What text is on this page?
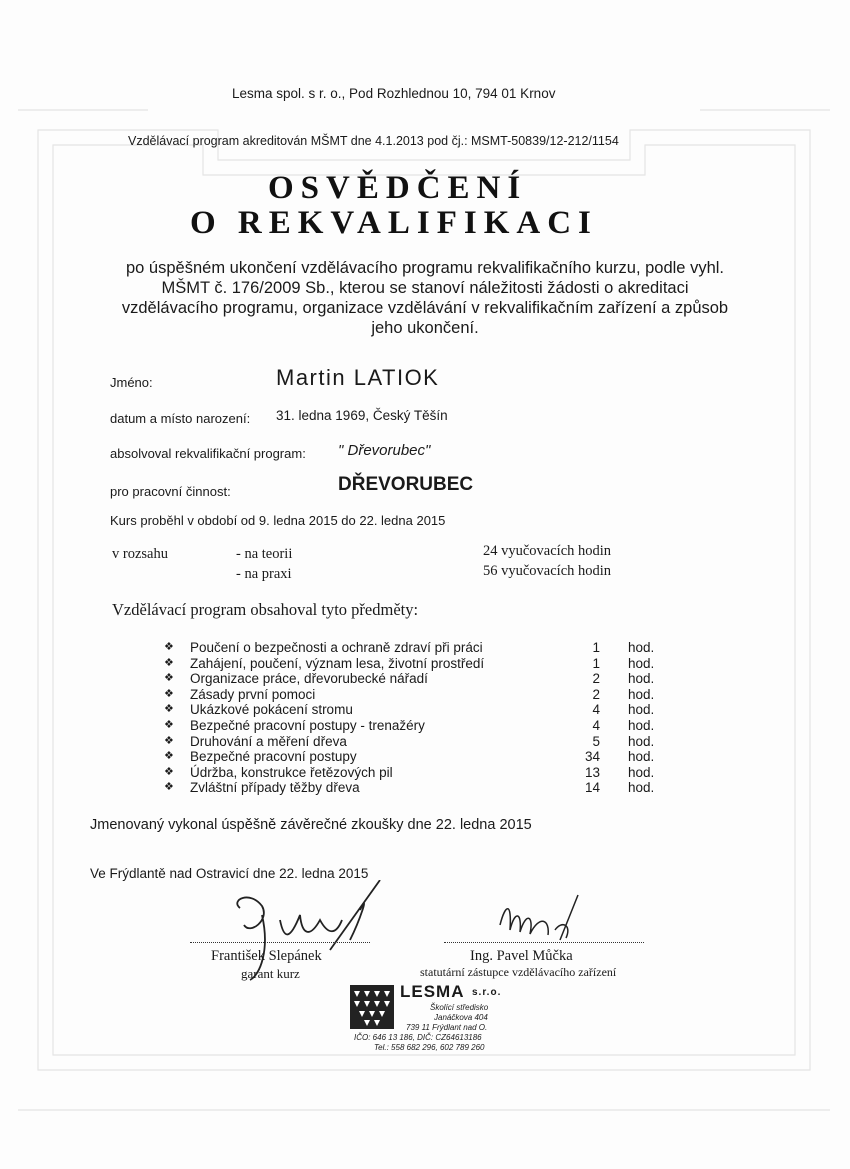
Lesma spol. s r. o., Pod Rozhlednou 10, 794 01 Krnov
Vzdělávací program akreditován MŠMT dne 4.1.2013 pod čj.: MSMT-50839/12-212/1154
OSVĚDČENÍ
O REKVALIFIKACI
po úspěšném ukončení vzdělávacího programu rekvalifikačního kurzu, podle vyhl.
MŠMT č. 176/2009 Sb., kterou se stanoví náležitosti žádosti o akreditaci
vzdělávacího programu, organizace vzdělávání v rekvalifikačním zařízení a způsob
jeho ukončení.
Jméno:	Martin LATIOK
datum a místo narození: 31. ledna 1969, Český Těšín
absolvoval rekvalifikační program: " Dřevorubec"
pro pracovní činnost:	DŘEVORUBEC
Kurs proběhl v období od 9. ledna 2015 do 22. ledna 2015
v rozsahu	- na teorii	24 vyučovacích hodin
- na praxi	56 vyučovacích hodin
Vzdělávací program obsahoval tyto předměty:
❖ Poučení o bezpečnosti a ochraně zdraví při práci	1 hod.
❖ Zahájení, poučení, význam lesa, životní prostředí	1 hod.
❖ Organizace práce, dřevorubecké nářadí	2 hod.
❖ Zásady první pomoci	2 hod.
❖ Ukázkové pokácení stromu	4 hod.
❖ Bezpečné pracovní postupy - trenažéry	4 hod.
❖ Druhování a měření dřeva	5 hod.
❖ Bezpečné pracovní postupy	34 hod.
❖ Údržba, konstrukce řetězových pil	13 hod.
❖ Zvláštní případy těžby dřeva	14 hod.
Jmenovaný vykonal úspěšně závěrečné zkoušky dne 22. ledna 2015
Ve Frýdlantě nad Ostravicí dne 22. ledna 2015
František Slepánek
garant kurz
Ing. Pavel Můčka
statutární zástupce vzdělávacího zařízení
LESMA s.r.o.
Školící středisko
Janáčkova 404
739 11 Frýdlant nad O.
IČO: 646 13 186, DIČ: CZ64613186
Tel.: 558 682 296, 602 789 260
